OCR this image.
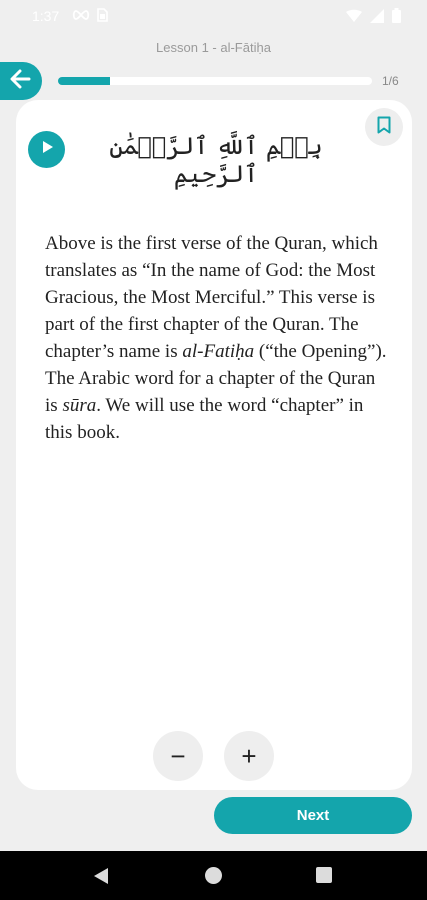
1:37
Lesson 1 - al-Fātiḥa
1/6
بِسۡمِ ٱللَّهِ ٱلرَّحۡمَٰنِ ٱلرَّحِيمِ
Above is the first verse of the Quran, which translates as “In the name of God: the Most Gracious, the Most Merciful.” This verse is part of the first chapter of the Quran. The chapter’s name is al-Fatiḥa (“the Opening”). The Arabic word for a chapter of the Quran is sūra. We will use the word “chapter” in this book.
−	+
Next
